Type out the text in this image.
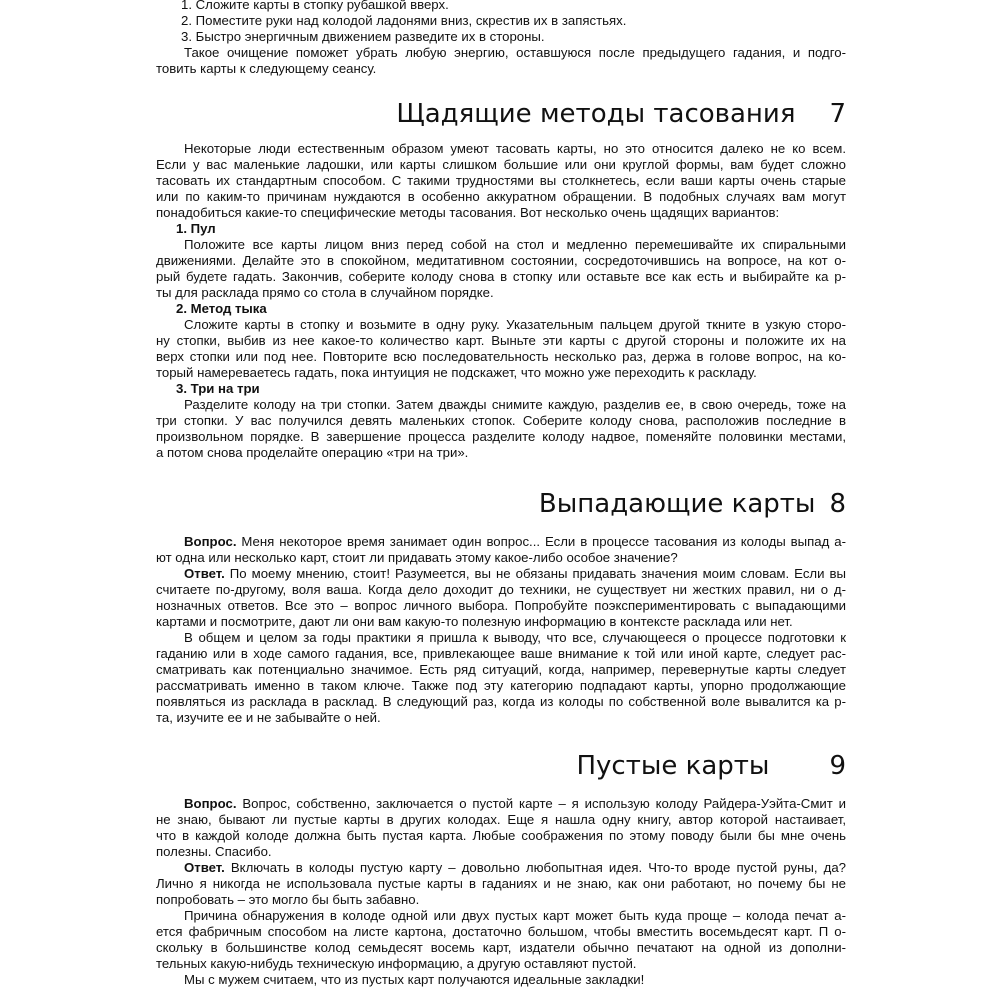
1. Сложите карты в стопку рубашкой вверх.

2. Поместите руки над колодой ладонями вниз, скрестив их в запястьях.

3. Быстро энергичным движением разведите их в стороны.

Такое очищение поможет убрать любую энергию, оставшуюся после предыдущего гадания, и подго-

товить карты к следующему сеансу.

Щадящие методы тасования 7

Некоторые люди естественным образом умеют тасовать карты, но это относится далеко не ко всем.

Если у вас маленькие ладошки, или карты слишком большие или они круглой формы, вам будет сложно

тасовать их стандартным способом. С такими трудностями вы столкнетесь, если ваши карты очень старые

или по каким-то причинам нуждаются в особенно аккуратном обращении. В подобных случаях вам могут

понадобиться какие-то специфические методы тасования. Вот несколько очень щадящих вариантов:

1. Пул

Положите все карты лицом вниз перед собой на стол и медленно перемешивайте их спиральными

движениями. Делайте это в спокойном, медитативном состоянии, сосредоточившись на вопросе, на кот о-

рый будете гадать. Закончив, соберите колоду снова в стопку или оставьте все как есть и выбирайте ка р-

ты для расклада прямо со стола в случайном порядке.

2. Метод тыка

Сложите карты в стопку и возьмите в одну руку. Указательным пальцем другой ткните в узкую сторо-

ну стопки, выбив из нее какое-то количество карт. Выньте эти карты с другой стороны и положите их на

верх стопки или под нее. Повторите всю последовательность несколько раз, держа в голове вопрос, на ко-

торый намереваетесь гадать, пока интуиция не подскажет, что можно уже переходить к раскладу.

3. Три на три

Разделите колоду на три стопки. Затем дважды снимите каждую, разделив ее, в свою очередь, тоже на

три стопки. У вас получился девять маленьких стопок. Соберите колоду снова, расположив последние в

произвольном порядке. В завершение процесса разделите колоду надвое, поменяйте половинки местами,

а потом снова проделайте операцию «три на три».

Выпадающие карты 8

Вопрос. Меня некоторое время занимает один вопрос... Если в процессе тасования из колоды выпад а-

ют одна или несколько карт, стоит ли придавать этому какое-либо особое значение?

Ответ. По моему мнению, стоит! Разумеется, вы не обязаны придавать значения моим словам. Если вы

считаете по-другому, воля ваша. Когда дело доходит до техники, не существует ни жестких правил, ни о д-

нозначных ответов. Все это – вопрос личного выбора. Попробуйте поэкспериментировать с выпадающими

картами и посмотрите, дают ли они вам какую-то полезную информацию в контексте расклада или нет.

В общем и целом за годы практики я пришла к выводу, что все, случающееся о процессе подготовки к

гаданию или в ходе самого гадания, все, привлекающее ваше внимание к той или иной карте, следует рас-

сматривать как потенциально значимое. Есть ряд ситуаций, когда, например, перевернутые карты следует

рассматривать именно в таком ключе. Также под эту категорию подпадают карты, упорно продолжающие

появляться из расклада в расклад. В следующий раз, когда из колоды по собственной воле вывалится ка р-

та, изучите ее и не забывайте о ней.

Пустые карты 9

Вопрос. Вопрос, собственно, заключается о пустой карте – я использую колоду Райдера-Уэйта-Смит и

не знаю, бывают ли пустые карты в других колодах. Еще я нашла одну книгу, автор которой настаивает,

что в каждой колоде должна быть пустая карта. Любые соображения по этому поводу были бы мне очень

полезны. Спасибо.

Ответ. Включать в колоды пустую карту – довольно любопытная идея. Что-то вроде пустой руны, да?

Лично я никогда не использовала пустые карты в гаданиях и не знаю, как они работают, но почему бы не

попробовать – это могло бы быть забавно.

Причина обнаружения в колоде одной или двух пустых карт может быть куда проще – колода печат а-

ется фабричным способом на листе картона, достаточно большом, чтобы вместить восемьдесят карт. П о-

скольку в большинстве колод семьдесят восемь карт, издатели обычно печатают на одной из дополни-

тельных какую-нибудь техническую информацию, а другую оставляют пустой.

Мы с мужем считаем, что из пустых карт получаются идеальные закладки!
